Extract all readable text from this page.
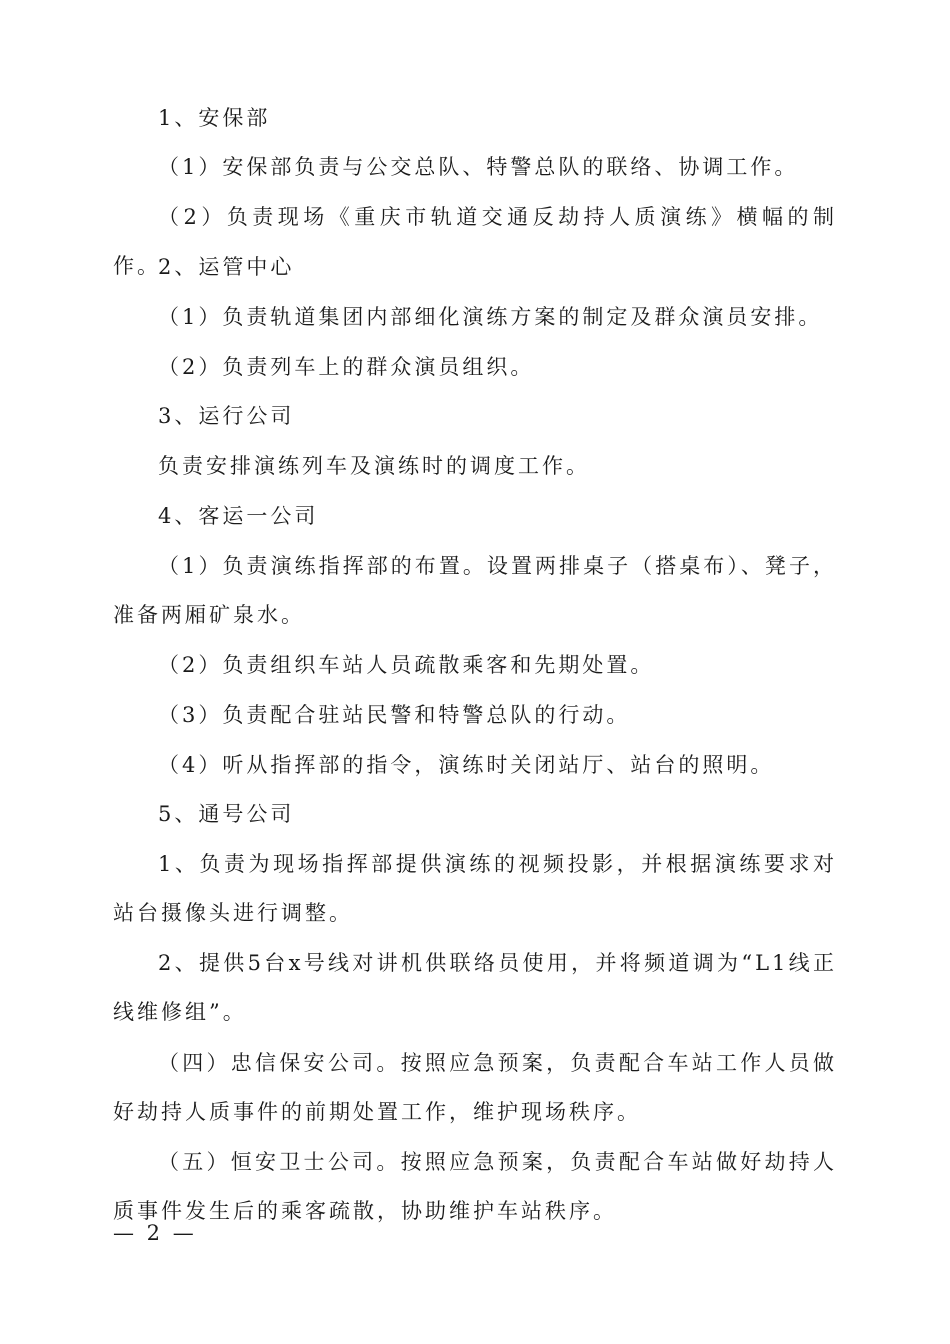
1、安保部

（1）安保部负责与公交总队、特警总队的联络、协调工作。

（2）负责现场《重庆市轨道交通反劫持人质演练》横幅的制作。

2、运管中心

（1）负责轨道集团内部细化演练方案的制定及群众演员安排。

（2）负责列车上的群众演员组织。

3、运行公司

负责安排演练列车及演练时的调度工作。

4、客运一公司

（1）负责演练指挥部的布置。设置两排桌子（搭桌布）、凳子，准备两厢矿泉水。

（2）负责组织车站人员疏散乘客和先期处置。

（3）负责配合驻站民警和特警总队的行动。

（4）听从指挥部的指令，演练时关闭站厅、站台的照明。

5、通号公司

1、负责为现场指挥部提供演练的视频投影，并根据演练要求对站台摄像头进行调整。

2、提供5台x号线对讲机供联络员使用，并将频道调为“L1线正线维修组”。

（四）忠信保安公司。按照应急预案，负责配合车站工作人员做好劫持人质事件的前期处置工作，维护现场秩序。

（五）恒安卫士公司。按照应急预案，负责配合车站做好劫持人质事件发生后的乘客疏散，协助维护车站秩序。

— 2 —
